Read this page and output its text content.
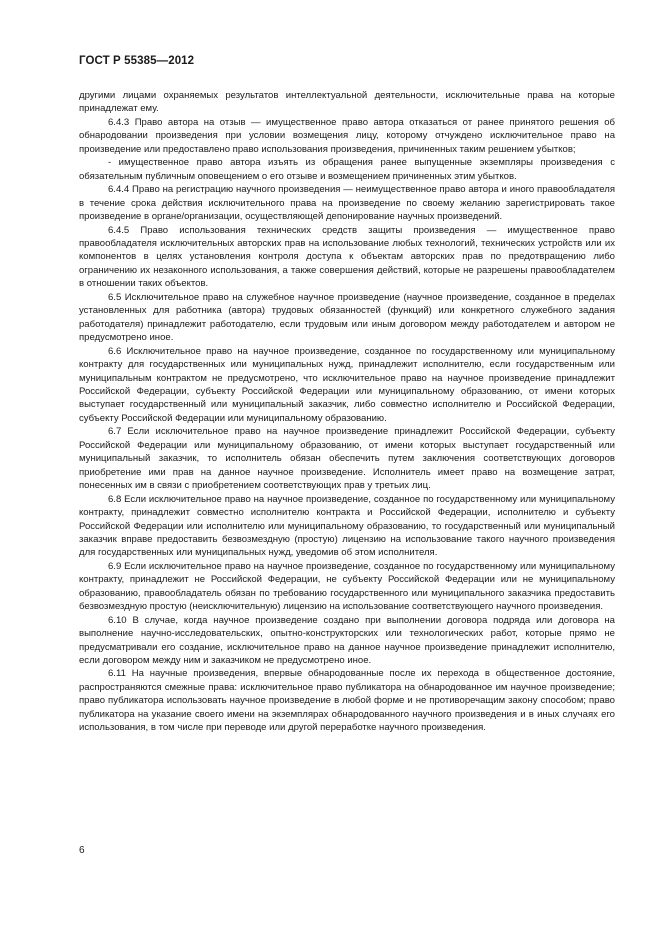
ГОСТ Р 55385—2012

другими лицами охраняемых результатов интеллектуальной деятельности, исключительные права на которые принадлежат ему.

6.4.3 Право автора на отзыв — имущественное право автора отказаться от ранее принятого решения об обнародовании произведения при условии возмещения лицу, которому отчуждено исключительное право на произведение или предоставлено право использования произведения, причиненных таким решением убытков;

- имущественное право автора изъять из обращения ранее выпущенные экземпляры произведения с обязательным публичным оповещением о его отзыве и возмещением причиненных этим убытков.

6.4.4 Право на регистрацию научного произведения — неимущественное право автора и иного правообладателя в течение срока действия исключительного права на произведение по своему желанию зарегистрировать такое произведение в органе/организации, осуществляющей депонирование научных произведений.

6.4.5 Право использования технических средств защиты произведения — имущественное право правообладателя исключительных авторских прав на использование любых технологий, технических устройств или их компонентов в целях установления контроля доступа к объектам авторских прав по предотвращению либо ограничению их незаконного использования, а также совершения действий, которые не разрешены правообладателем в отношении таких объектов.

6.5 Исключительное право на служебное научное произведение (научное произведение, созданное в пределах установленных для работника (автора) трудовых обязанностей (функций) или конкретного служебного задания работодателя) принадлежит работодателю, если трудовым или иным договором между работодателем и автором не предусмотрено иное.

6.6 Исключительное право на научное произведение, созданное по государственному или муниципальному контракту для государственных или муниципальных нужд, принадлежит исполнителю, если государственным или муниципальным контрактом не предусмотрено, что исключительное право на научное произведение принадлежит Российской Федерации, субъекту Российской Федерации или муниципальному образованию, от имени которых выступает государственный или муниципальный заказчик, либо совместно исполнителю и Российской Федерации, субъекту Российской Федерации или муниципальному образованию.

6.7 Если исключительное право на научное произведение принадлежит Российской Федерации, субъекту Российской Федерации или муниципальному образованию, от имени которых выступает государственный или муниципальный заказчик, то исполнитель обязан обеспечить путем заключения соответствующих договоров приобретение ими прав на данное научное произведение. Исполнитель имеет право на возмещение затрат, понесенных им в связи с приобретением соответствующих прав у третьих лиц.

6.8 Если исключительное право на научное произведение, созданное по государственному или муниципальному контракту, принадлежит совместно исполнителю контракта и Российской Федерации, исполнителю и субъекту Российской Федерации или исполнителю или муниципальному образованию, то государственный или муниципальный заказчик вправе предоставить безвозмездную (простую) лицензию на использование такого научного произведения для государственных или муниципальных нужд, уведомив об этом исполнителя.

6.9 Если исключительное право на научное произведение, созданное по государственному или муниципальному контракту, принадлежит не Российской Федерации, не субъекту Российской Федерации или не муниципальному образованию, правообладатель обязан по требованию государственного или муниципального заказчика предоставить безвозмездную простую (неисключительную) лицензию на использование соответствующего научного произведения.

6.10 В случае, когда научное произведение создано при выполнении договора подряда или договора на выполнение научно-исследовательских, опытно-конструкторских или технологических работ, которые прямо не предусматривали его создание, исключительное право на данное научное произведение принадлежит исполнителю, если договором между ним и заказчиком не предусмотрено иное.

6.11 На научные произведения, впервые обнародованные после их перехода в общественное достояние, распространяются смежные права: исключительное право публикатора на обнародованное им научное произведение; право публикатора использовать научное произведение в любой форме и не противоречащим закону способом; право публикатора на указание своего имени на экземплярах обнародованного научного произведения и в иных случаях его использования, в том числе при переводе или другой переработке научного произведения.

6
